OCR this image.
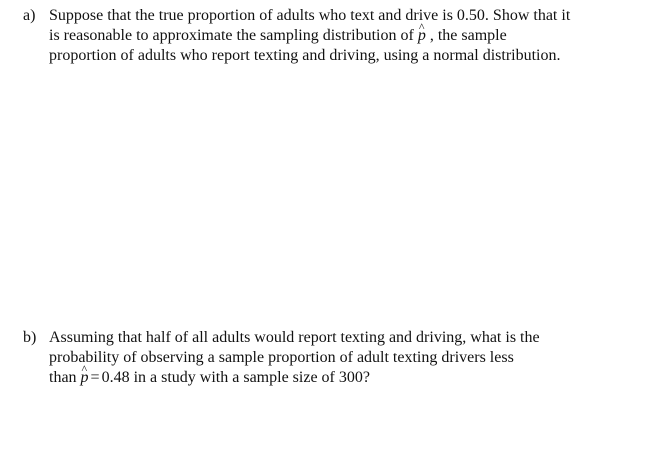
a) Suppose that the true proportion of adults who text and drive is 0.50. Show that it
is reasonable to approximate the sampling distribution of ^ p , the sample
proportion of adults who report texting and driving, using a normal distribution.
b) Assuming that half of all adults would report texting and driving, what is the
probability of observing a sample proportion of adult texting drivers less
than ^ p = 0.48 in a study with a sample size of 300?
